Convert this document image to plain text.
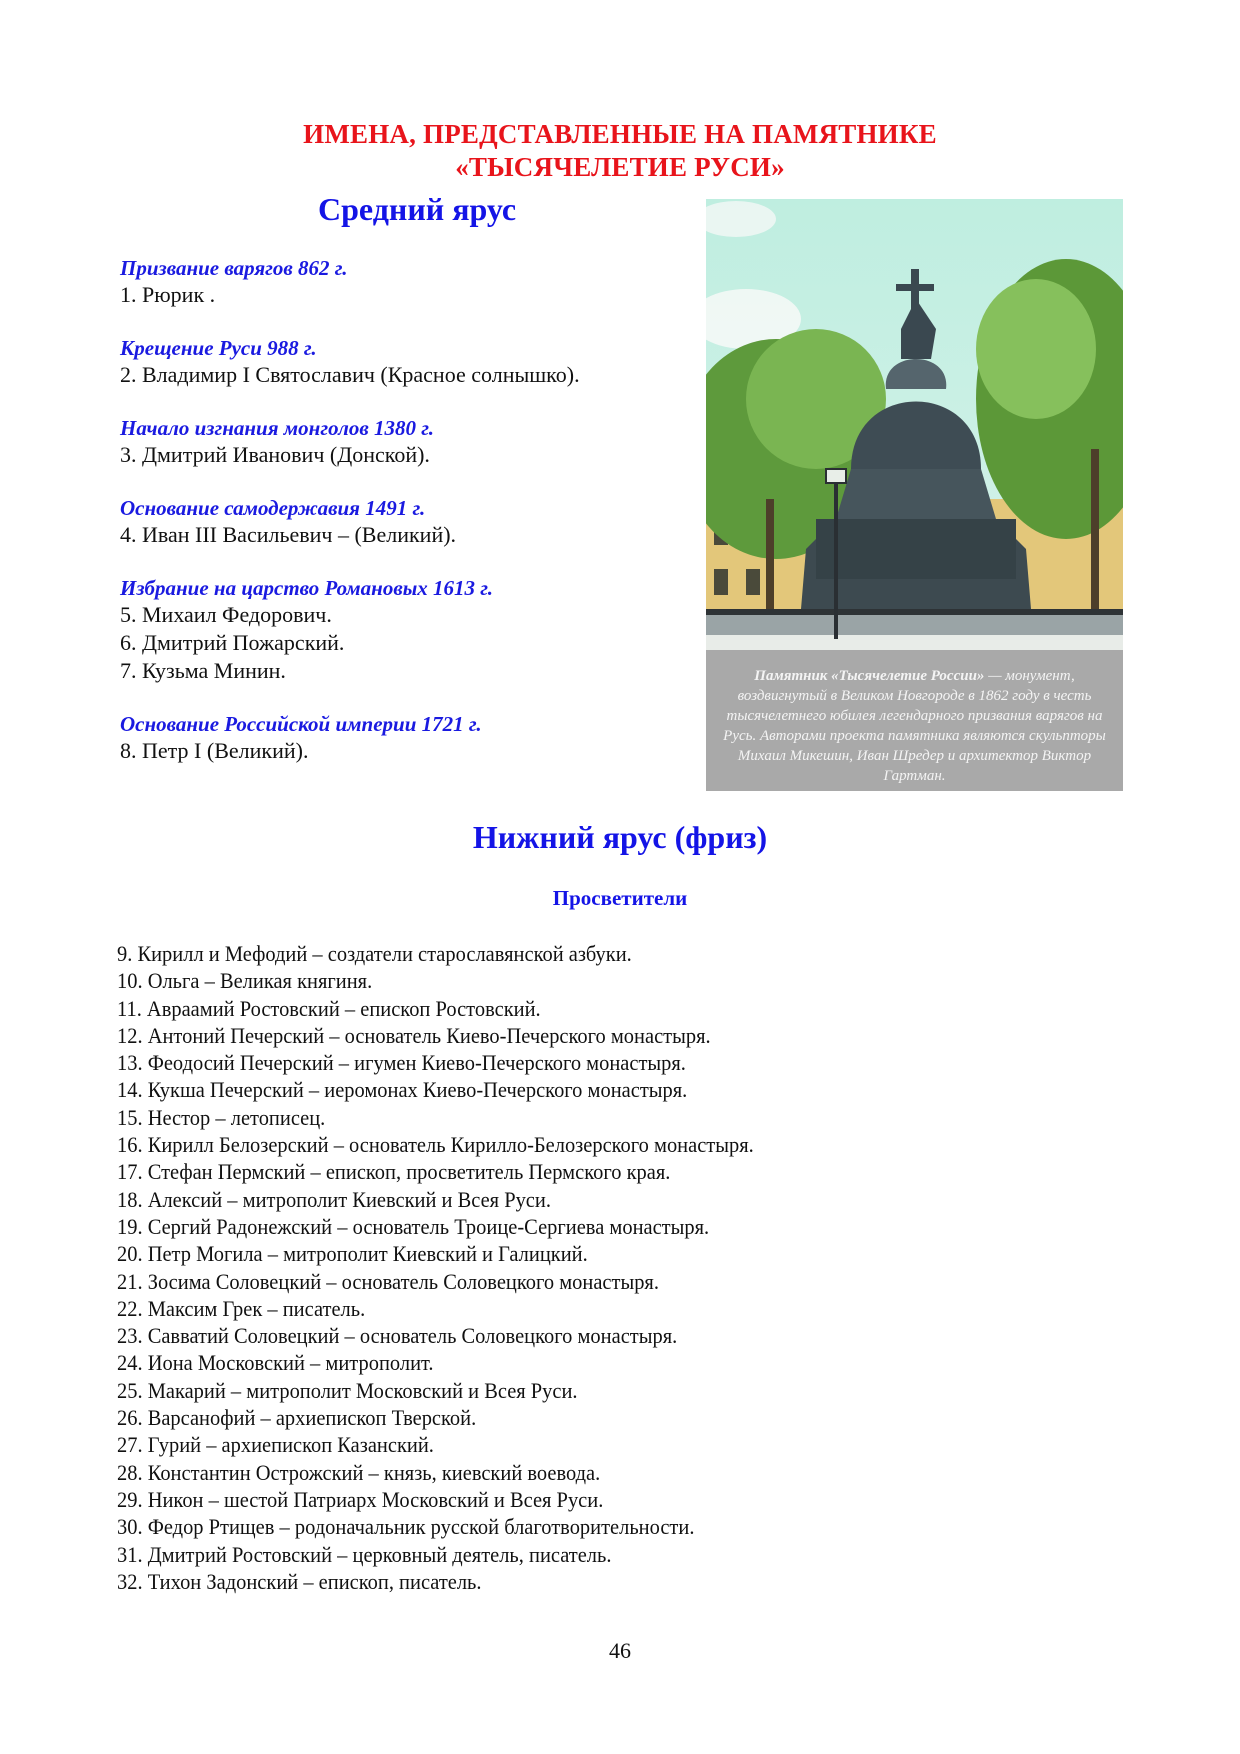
ИМЕНА, ПРЕДСТАВЛЕННЫЕ НА ПАМЯТНИКЕ
«ТЫСЯЧЕЛЕТИЕ РУСИ»
Средний ярус

Призвание варягов 862 г.

1. Рюрик .

Крещение Руси 988 г.

2. Владимир I Святославич (Красное солнышко).

Начало изгнания монголов 1380 г.

3. Дмитрий Иванович (Донской).

Основание самодержавия 1491 г.

4. Иван III Васильевич – (Великий).

Избрание на царство Романовых 1613 г.

5. Михаил Федорович.

6. Дмитрий Пожарский.

7. Кузьма Минин.

Основание Российской империи 1721 г.

8. Петр I (Великий).

Памятник «Тысячелетие России» — монумент, воздвигнутый в Великом Новгороде в 1862 году в честь тысячелетнего юбилея легендарного призвания варягов на Русь. Авторами проекта памятника являются скульпторы Михаил Микешин, Иван Шредер и архитектор Виктор Гартман.
Нижний ярус (фриз)
Просветители
9. Кирилл и Мефодий – создатели старославянской азбуки.
10. Ольга – Великая княгиня.
11. Авраамий Ростовский – епископ Ростовский.
12. Антоний Печерский – основатель Киево-Печерского монастыря.
13. Феодосий Печерский – игумен Киево-Печерского монастыря.
14. Кукша Печерский – иеромонах Киево-Печерского монастыря.
15. Нестор – летописец.
16. Кирилл Белозерский – основатель Кирилло-Белозерского монастыря.
17. Стефан Пермский – епископ, просветитель Пермского края.
18. Алексий – митрополит Киевский и Всея Руси.
19. Сергий Радонежский – основатель Троице-Сергиева монастыря.
20. Петр Могила – митрополит Киевский и Галицкий.
21. Зосима Соловецкий – основатель Соловецкого монастыря.
22. Максим Грек – писатель.
23. Савватий Соловецкий – основатель Соловецкого монастыря.
24. Иона Московский – митрополит.
25. Макарий – митрополит Московский и Всея Руси.
26. Варсанофий – архиепископ Тверской.
27. Гурий – архиепископ Казанский.
28. Константин Острожский – князь, киевский воевода.
29. Никон – шестой Патриарх Московский и Всея Руси.
30. Федор Ртищев – родоначальник русской благотворительности.
31. Дмитрий Ростовский – церковный деятель, писатель.
32. Тихон Задонский – епископ, писатель.
46
